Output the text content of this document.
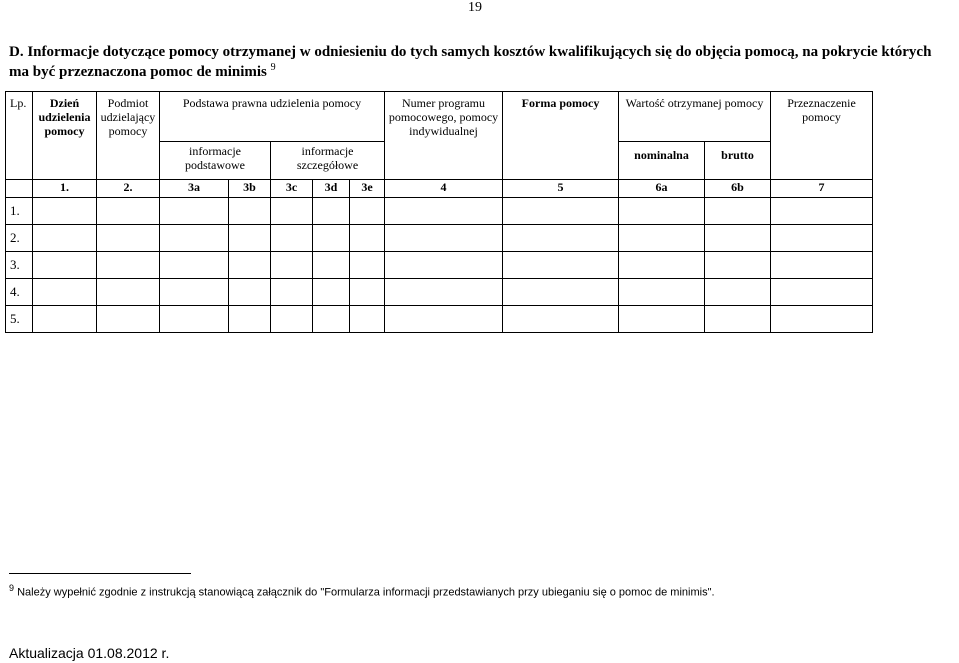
19
D. Informacje dotyczące pomocy otrzymanej w odniesieniu do tych samych kosztów kwalifikujących się do objęcia pomocą, na pokrycie których ma być przeznaczona pomoc de minimis $^9$
Lp.	Dzień udzielenia pomocy	Podmiot udzielający pomocy	Podstawa prawna udzielenia pomocy					Numer programu pomocowego, pomocy indywidualnej	Forma pomocy	Wartość otrzymanej pomocy		Przeznaczenie pomocy
			informacje podstawowe		informacje szczegółowe					nominalna	brutto	
	1.	2.	3a	3b	3c	3d	3e	4	5	6a	6b	7
1.												
2.												
3.												
4.												
5.												
$^9$ Należy wypełnić zgodnie z instrukcją stanowiącą załącznik do "Formularza informacji przedstawianych przy ubieganiu się o pomoc de minimis".
Aktualizacja 01.08.2012 r.
